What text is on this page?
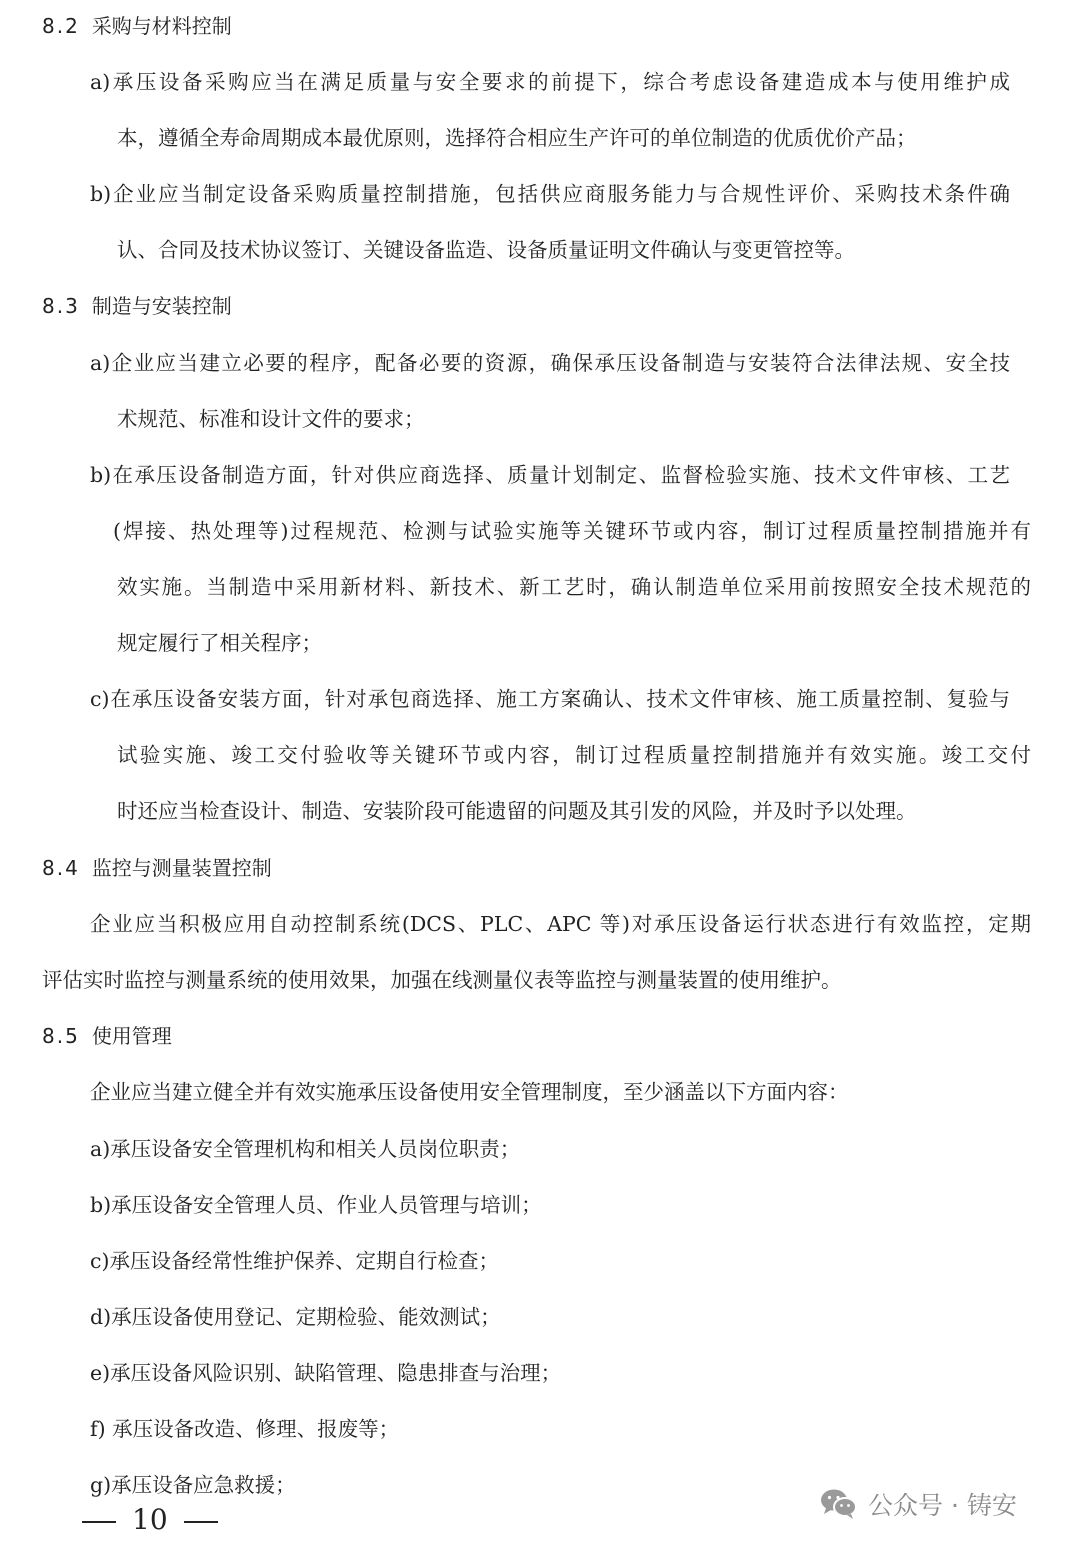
8.2 采购与材料控制
a)承压设备采购应当在满足质量与安全要求的前提下，综合考虑设备建造成本与使用维护成
本，遵循全寿命周期成本最优原则，选择符合相应生产许可的单位制造的优质优价产品；
b)企业应当制定设备采购质量控制措施，包括供应商服务能力与合规性评价、采购技术条件确
认、合同及技术协议签订、关键设备监造、设备质量证明文件确认与变更管控等。
8.3 制造与安装控制
a)企业应当建立必要的程序，配备必要的资源，确保承压设备制造与安装符合法律法规、安全技
术规范、标准和设计文件的要求；
b)在承压设备制造方面，针对供应商选择、质量计划制定、监督检验实施、技术文件审核、工艺
(焊接、热处理等)过程规范、检测与试验实施等关键环节或内容，制订过程质量控制措施并有
效实施。当制造中采用新材料、新技术、新工艺时，确认制造单位采用前按照安全技术规范的
规定履行了相关程序；
c)在承压设备安装方面，针对承包商选择、施工方案确认、技术文件审核、施工质量控制、复验与
试验实施、竣工交付验收等关键环节或内容，制订过程质量控制措施并有效实施。竣工交付
时还应当检查设计、制造、安装阶段可能遗留的问题及其引发的风险，并及时予以处理。
8.4 监控与测量装置控制
企业应当积极应用自动控制系统(DCS、PLC、APC 等)对承压设备运行状态进行有效监控，定期
评估实时监控与测量系统的使用效果，加强在线测量仪表等监控与测量装置的使用维护。
8.5 使用管理
企业应当建立健全并有效实施承压设备使用安全管理制度，至少涵盖以下方面内容：
a)承压设备安全管理机构和相关人员岗位职责；
b)承压设备安全管理人员、作业人员管理与培训；
c)承压设备经常性维护保养、定期自行检查；
d)承压设备使用登记、定期检验、能效测试；
e)承压设备风险识别、缺陷管理、隐患排查与治理；
f) 承压设备改造、修理、报废等；
g)承压设备应急救援；
10	公众号 · 铸安
